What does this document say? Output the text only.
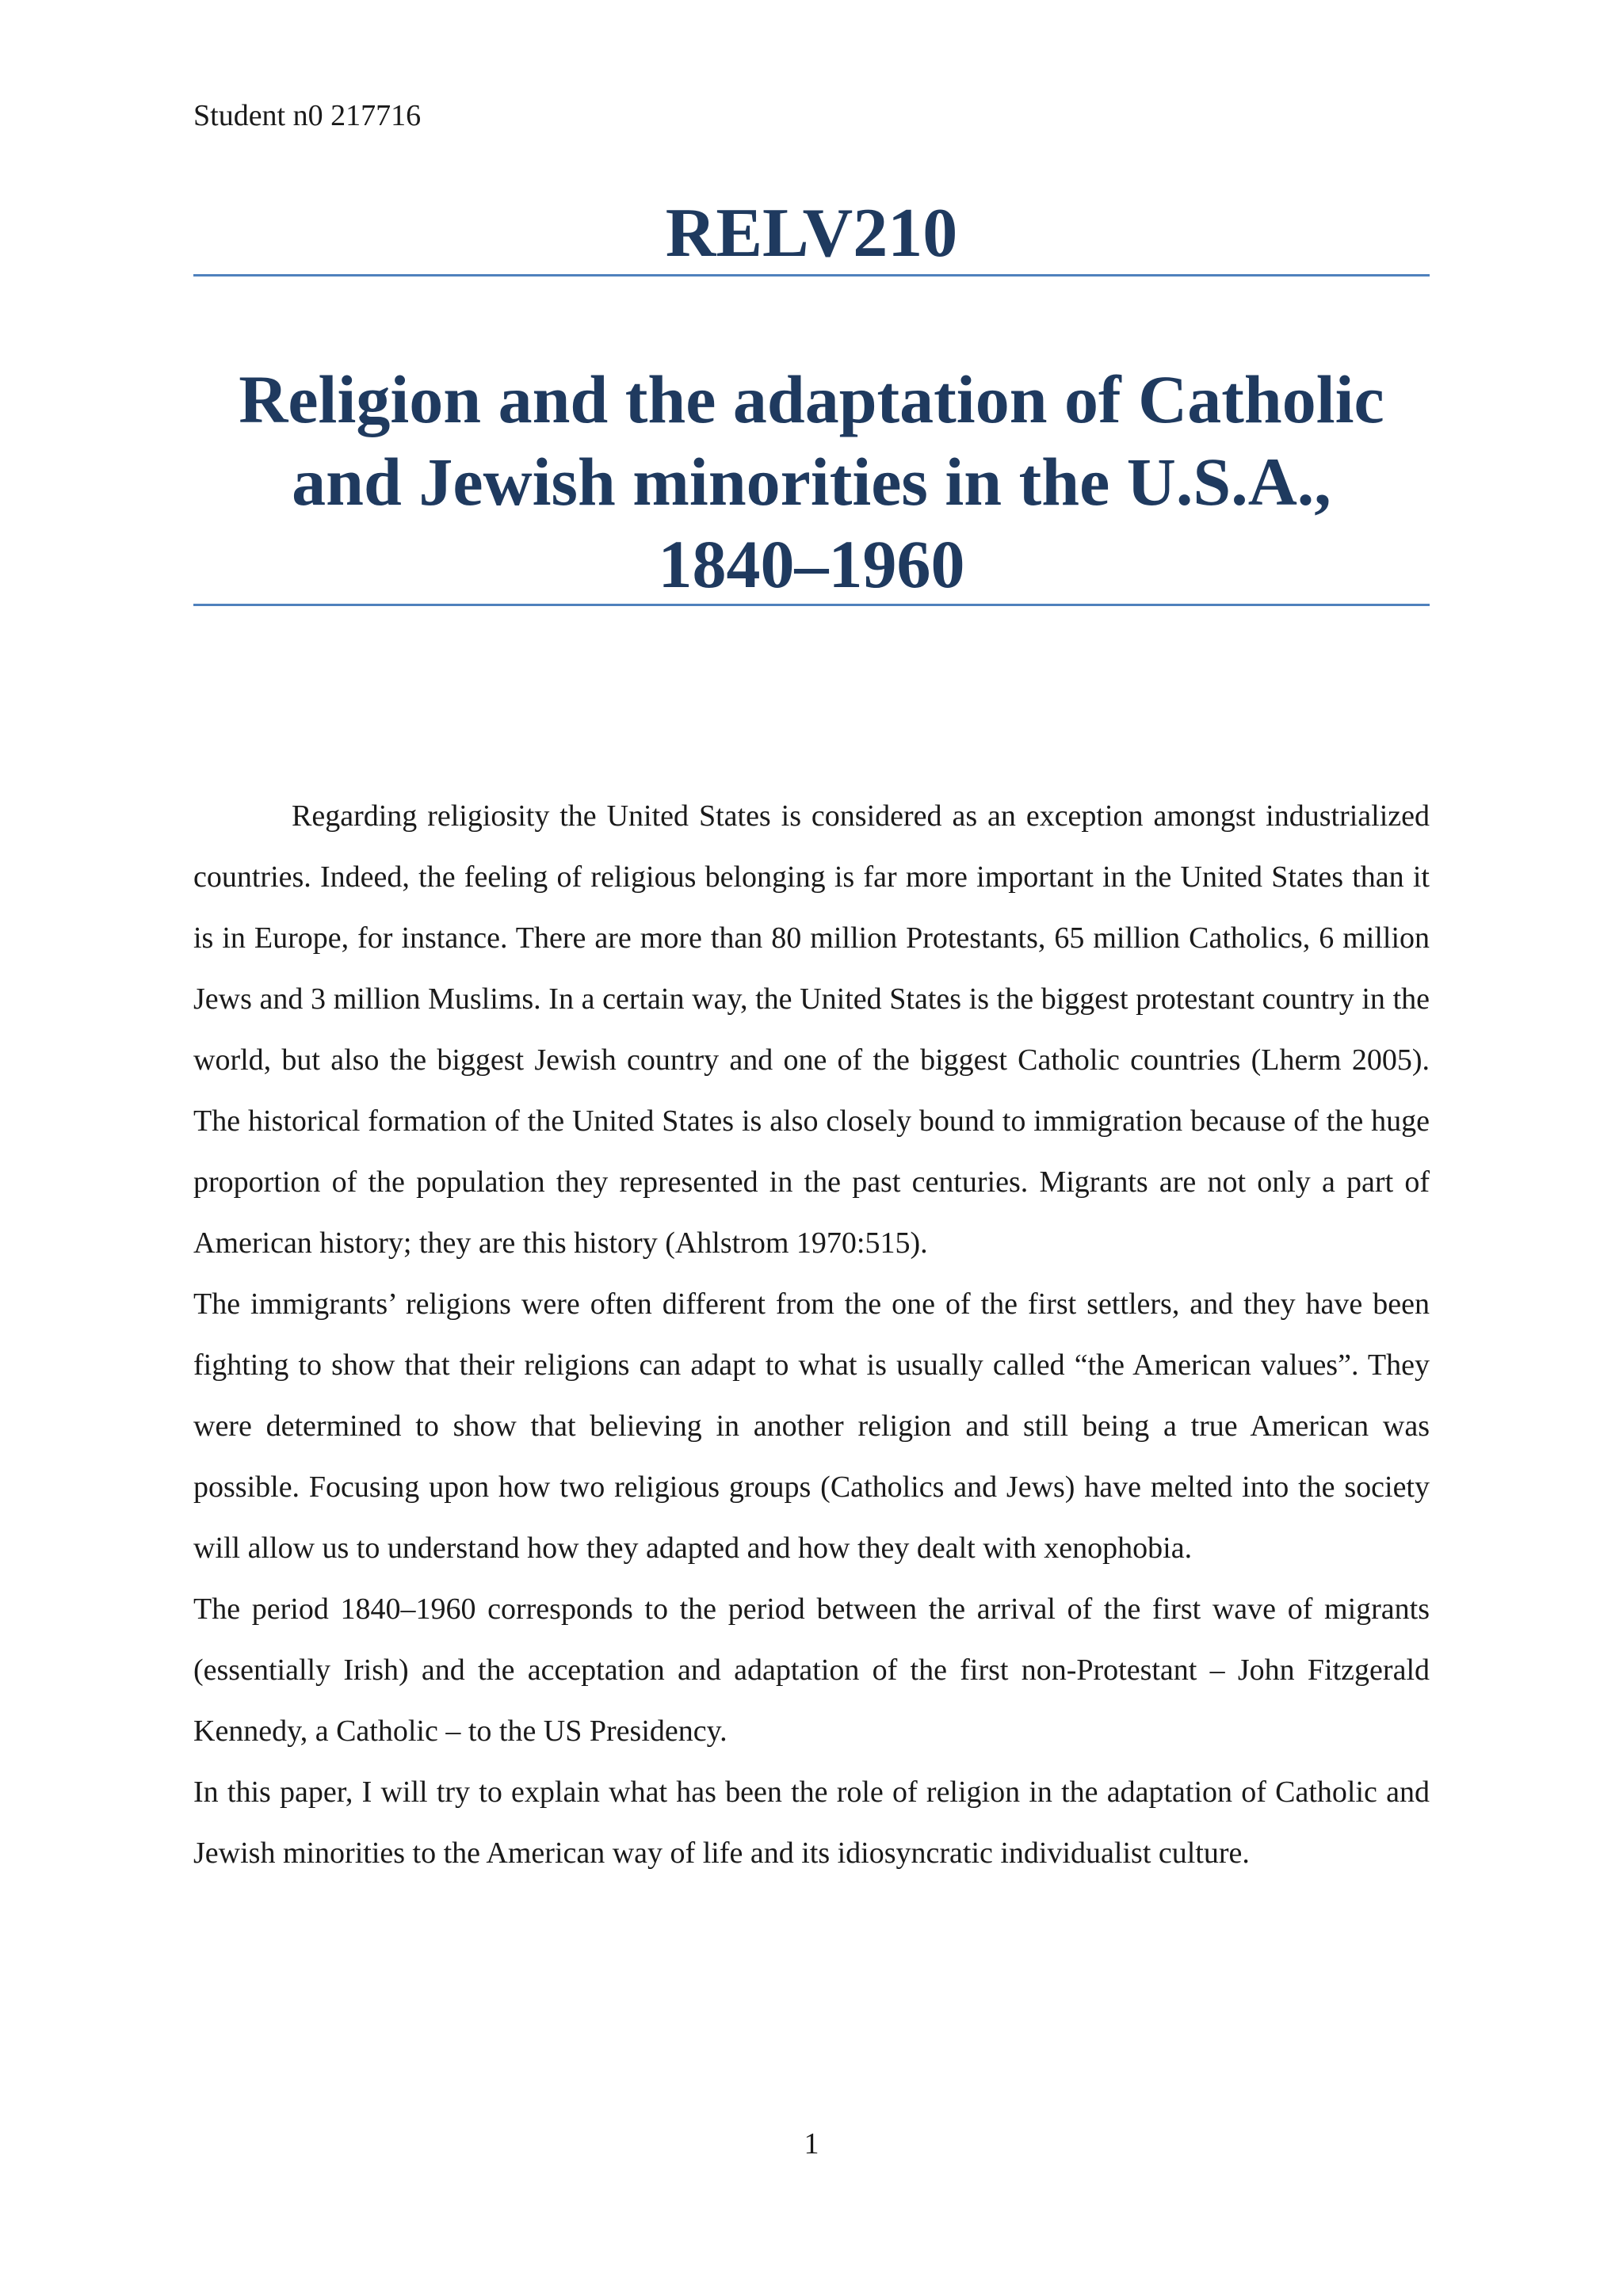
Student n0 217716
RELV210
Religion and the adaptation of Catholic
and Jewish minorities in the U.S.A.,
1840–1960

Regarding religiosity the United States is considered as an exception amongst industrialized countries. Indeed, the feeling of religious belonging is far more important in the United States than it is in Europe, for instance. There are more than 80 million Protestants, 65 million Catholics, 6 million Jews and 3 million Muslims. In a certain way, the United States is the biggest protestant country in the world, but also the biggest Jewish country and one of the biggest Catholic countries (Lherm 2005). The historical formation of the United States is also closely bound to immigration because of the huge proportion of the population they represented in the past centuries. Migrants are not only a part of American history; they are this history (Ahlstrom 1970:515).

The immigrants’ religions were often different from the one of the first settlers, and they have been fighting to show that their religions can adapt to what is usually called “the American values”. They were determined to show that believing in another religion and still being a true American was possible. Focusing upon how two religious groups (Catholics and Jews) have melted into the society will allow us to understand how they adapted and how they dealt with xenophobia.

The period 1840–1960 corresponds to the period between the arrival of the first wave of migrants (essentially Irish) and the acceptation and adaptation of the first non-Protestant – John Fitzgerald Kennedy, a Catholic – to the US Presidency.

In this paper, I will try to explain what has been the role of religion in the adaptation of Catholic and Jewish minorities to the American way of life and its idiosyncratic individualist culture.

1
